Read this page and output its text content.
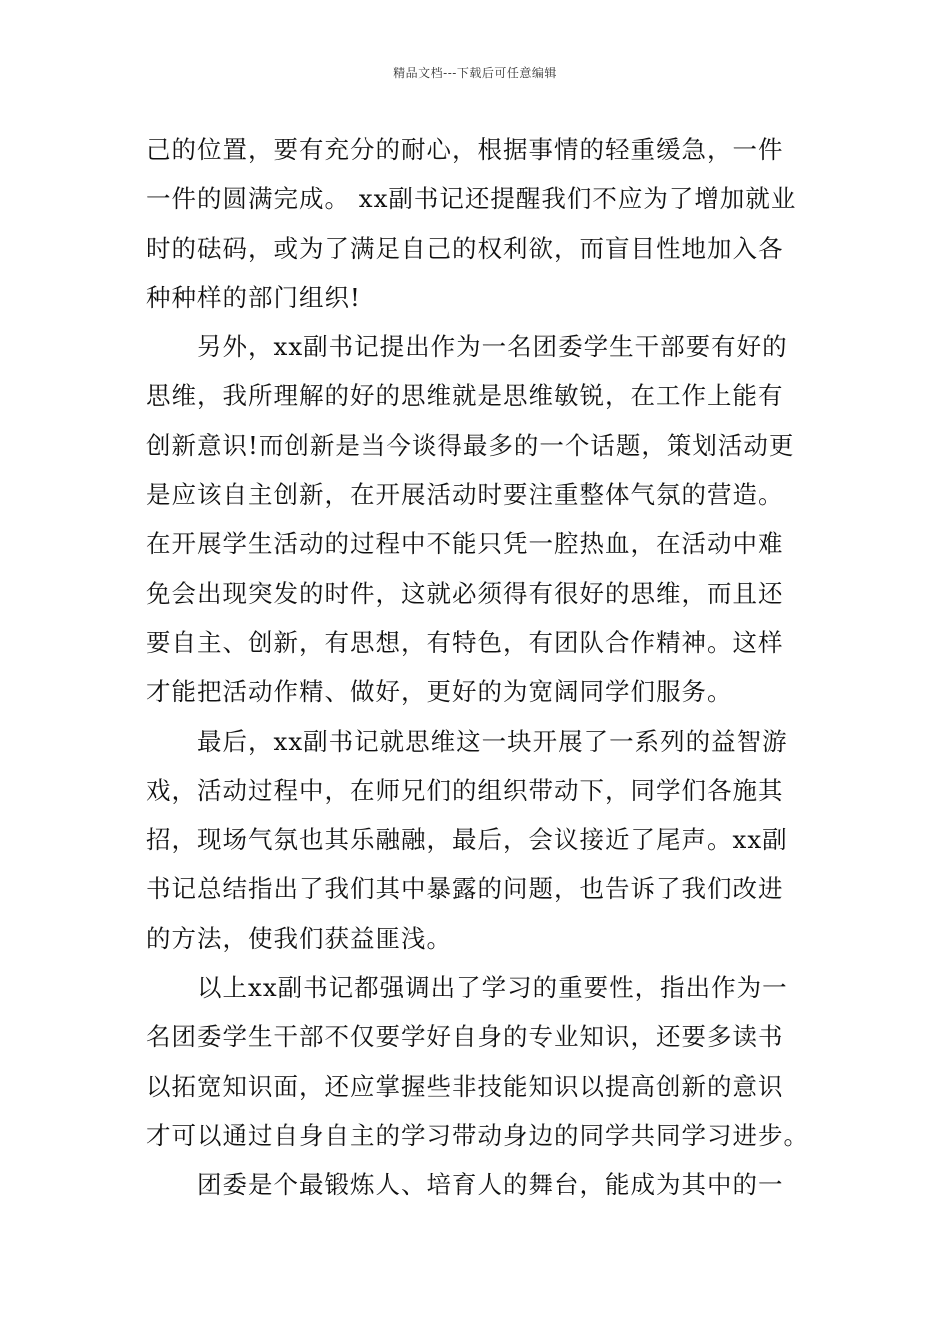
精品文档---下载后可任意编辑
己的位置，要有充分的耐心，根据事情的轻重缓急，一件
一件的圆满完成。 xx副书记还提醒我们不应为了增加就业
时的砝码，或为了满足自己的权利欲，而盲目性地加入各
种种样的部门组织!
另外，xx副书记提出作为一名团委学生干部要有好的
思维，我所理解的好的思维就是思维敏锐，在工作上能有
创新意识!而创新是当今谈得最多的一个话题，策划活动更
是应该自主创新，在开展活动时要注重整体气氛的营造。
在开展学生活动的过程中不能只凭一腔热血，在活动中难
免会出现突发的时件，这就必须得有很好的思维，而且还
要自主、创新，有思想，有特色，有团队合作精神。这样
才能把活动作精、做好，更好的为宽阔同学们服务。
最后，xx副书记就思维这一块开展了一系列的益智游
戏，活动过程中，在师兄们的组织带动下，同学们各施其
招，现场气氛也其乐融融，最后，会议接近了尾声。xx副
书记总结指出了我们其中暴露的问题，也告诉了我们改进
的方法，使我们获益匪浅。
以上xx副书记都强调出了学习的重要性，指出作为一
名团委学生干部不仅要学好自身的专业知识，还要多读书
以拓宽知识面，还应掌握些非技能知识以提高创新的意识
才可以通过自身自主的学习带动身边的同学共同学习进步。
团委是个最锻炼人、培育人的舞台，能成为其中的一
